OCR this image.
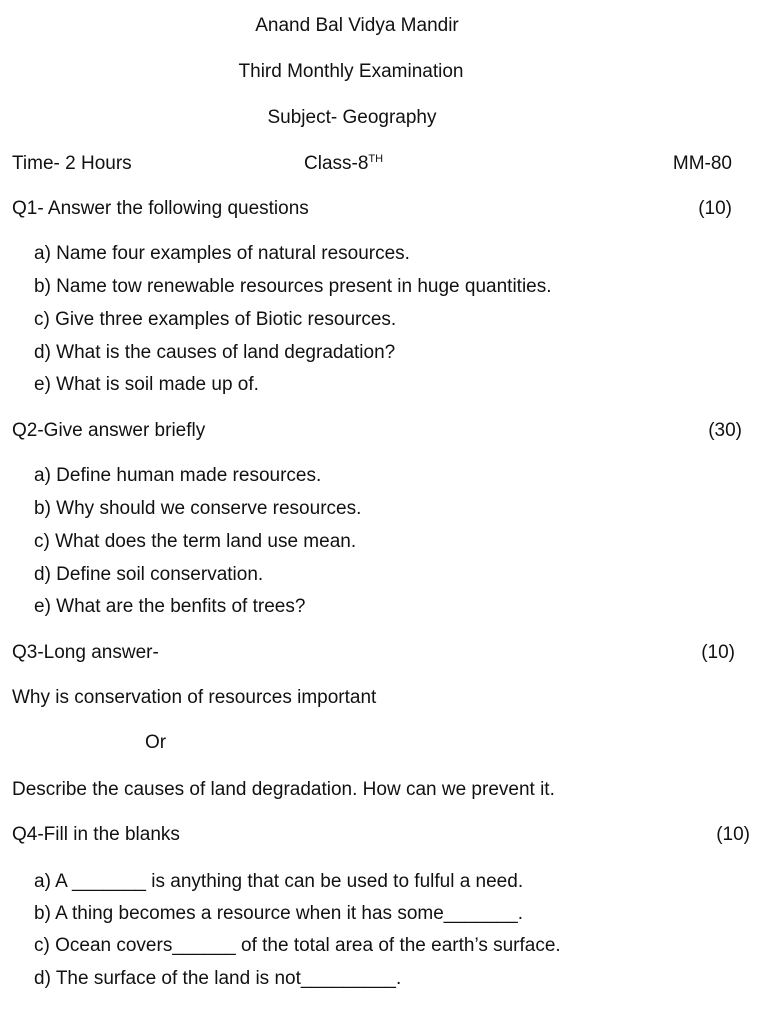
Anand Bal Vidya Mandir
Third Monthly Examination
Subject- Geography
Time- 2 Hours	Class-8TH	MM-80
Q1- Answer the following questions	(10)
a) Name four examples of natural resources.
b) Name tow renewable resources present in huge quantities.
c) Give three examples of Biotic resources.
d) What is the causes of land degradation?
e) What is soil made up of.
Q2-Give answer briefly	(30)
a) Define human made resources.
b) Why should we conserve resources.
c) What does the term land use mean.
d) Define soil conservation.
e) What are the benfits of trees?
Q3-Long answer-	(10)
Why is conservation of resources important
Or
Describe the causes of land degradation. How can we prevent it.
Q4-Fill in the blanks	(10)
a) A _______ is anything that can be used to fulful a need.
b) A thing becomes a resource when it has some_______.
c) Ocean covers______ of the total area of the earth’s surface.
d) The surface of the land is not_________.
